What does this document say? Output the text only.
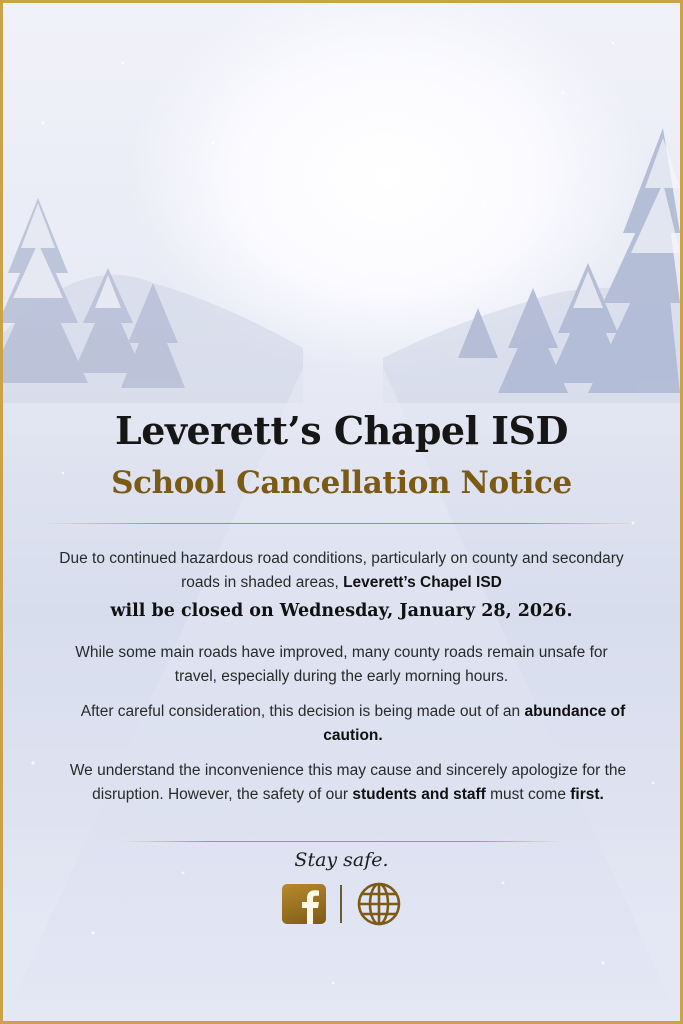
Leverett’s Chapel ISD
School Cancellation Notice

Due to continued hazardous road conditions, particularly on county and secondary roads in shaded areas, Leverett’s Chapel ISD

will be closed on Wednesday, January 28, 2026.

While some main roads have improved, many county roads remain unsafe for travel, especially during the early morning hours.

After careful consideration, this decision is being made out of an abundance of caution.

We understand the inconvenience this may cause and sincerely apologize for the disruption. However, the safety of our students and staff must come first.

Stay safe.
